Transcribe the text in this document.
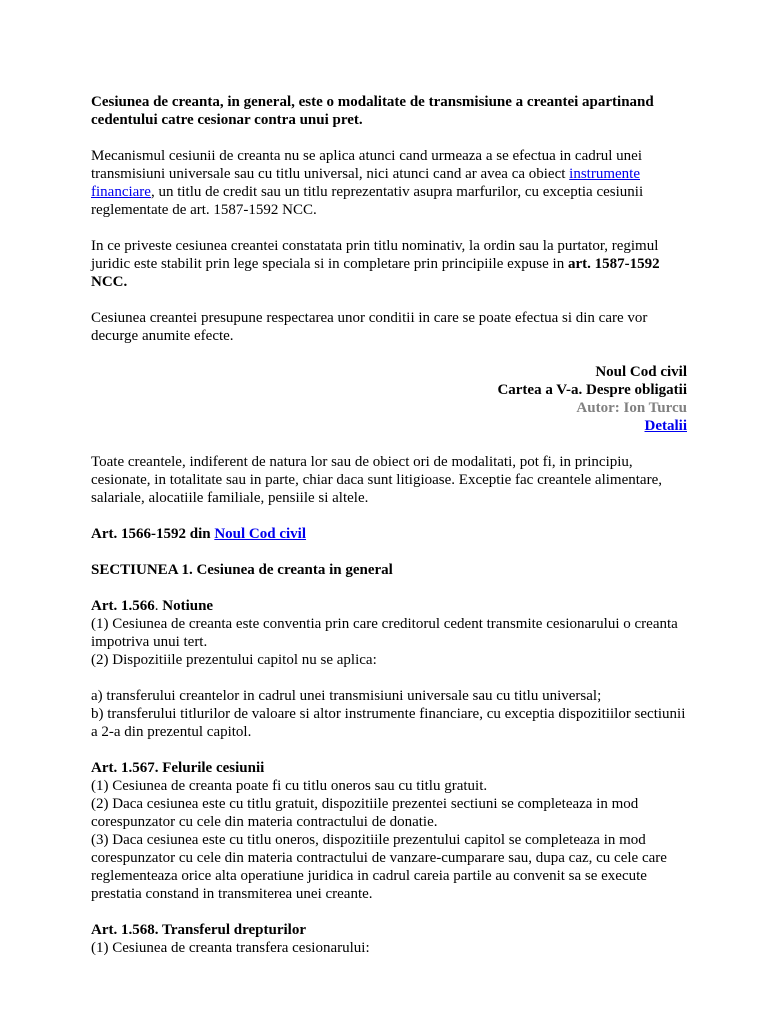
Cesiunea de creanta, in general, este o modalitate de transmisiune a creantei apartinand cedentului catre cesionar contra unui pret.

Mecanismul cesiunii de creanta nu se aplica atunci cand urmeaza a se efectua in cadrul unei transmisiuni universale sau cu titlu universal, nici atunci cand ar avea ca obiect instrumente financiare, un titlu de credit sau un titlu reprezentativ asupra marfurilor, cu exceptia cesiunii reglementate de art. 1587-1592 NCC.

In ce priveste cesiunea creantei constatata prin titlu nominativ, la ordin sau la purtator, regimul juridic este stabilit prin lege speciala si in completare prin principiile expuse in art. 1587-1592 NCC.

Cesiunea creantei presupune respectarea unor conditii in care se poate efectua si din care vor decurge anumite efecte.

Noul Cod civil
Cartea a V-a. Despre obligatii
Autor: Ion Turcu
Detalii

Toate creantele, indiferent de natura lor sau de obiect ori de modalitati, pot fi, in principiu, cesionate, in totalitate sau in parte, chiar daca sunt litigioase. Exceptie fac creantele alimentare, salariale, alocatiile familiale, pensiile si altele.

Art. 1566-1592 din Noul Cod civil

SECTIUNEA 1. Cesiunea de creanta in general

Art. 1.566. Notiune
(1) Cesiunea de creanta este conventia prin care creditorul cedent transmite cesionarului o creanta impotriva unui tert.
(2) Dispozitiile prezentului capitol nu se aplica:
a) transferului creantelor in cadrul unei transmisiuni universale sau cu titlu universal;
b) transferului titlurilor de valoare si altor instrumente financiare, cu exceptia dispozitiilor sectiunii a 2-a din prezentul capitol.
Art. 1.567. Felurile cesiunii
(1) Cesiunea de creanta poate fi cu titlu oneros sau cu titlu gratuit.
(2) Daca cesiunea este cu titlu gratuit, dispozitiile prezentei sectiuni se completeaza in mod corespunzator cu cele din materia contractului de donatie.
(3) Daca cesiunea este cu titlu oneros, dispozitiile prezentului capitol se completeaza in mod corespunzator cu cele din materia contractului de vanzare-cumparare sau, dupa caz, cu cele care reglementeaza orice alta operatiune juridica in cadrul careia partile au convenit sa se execute prestatia constand in transmiterea unei creante.
Art. 1.568. Transferul drepturilor
(1) Cesiunea de creanta transfera cesionarului:
